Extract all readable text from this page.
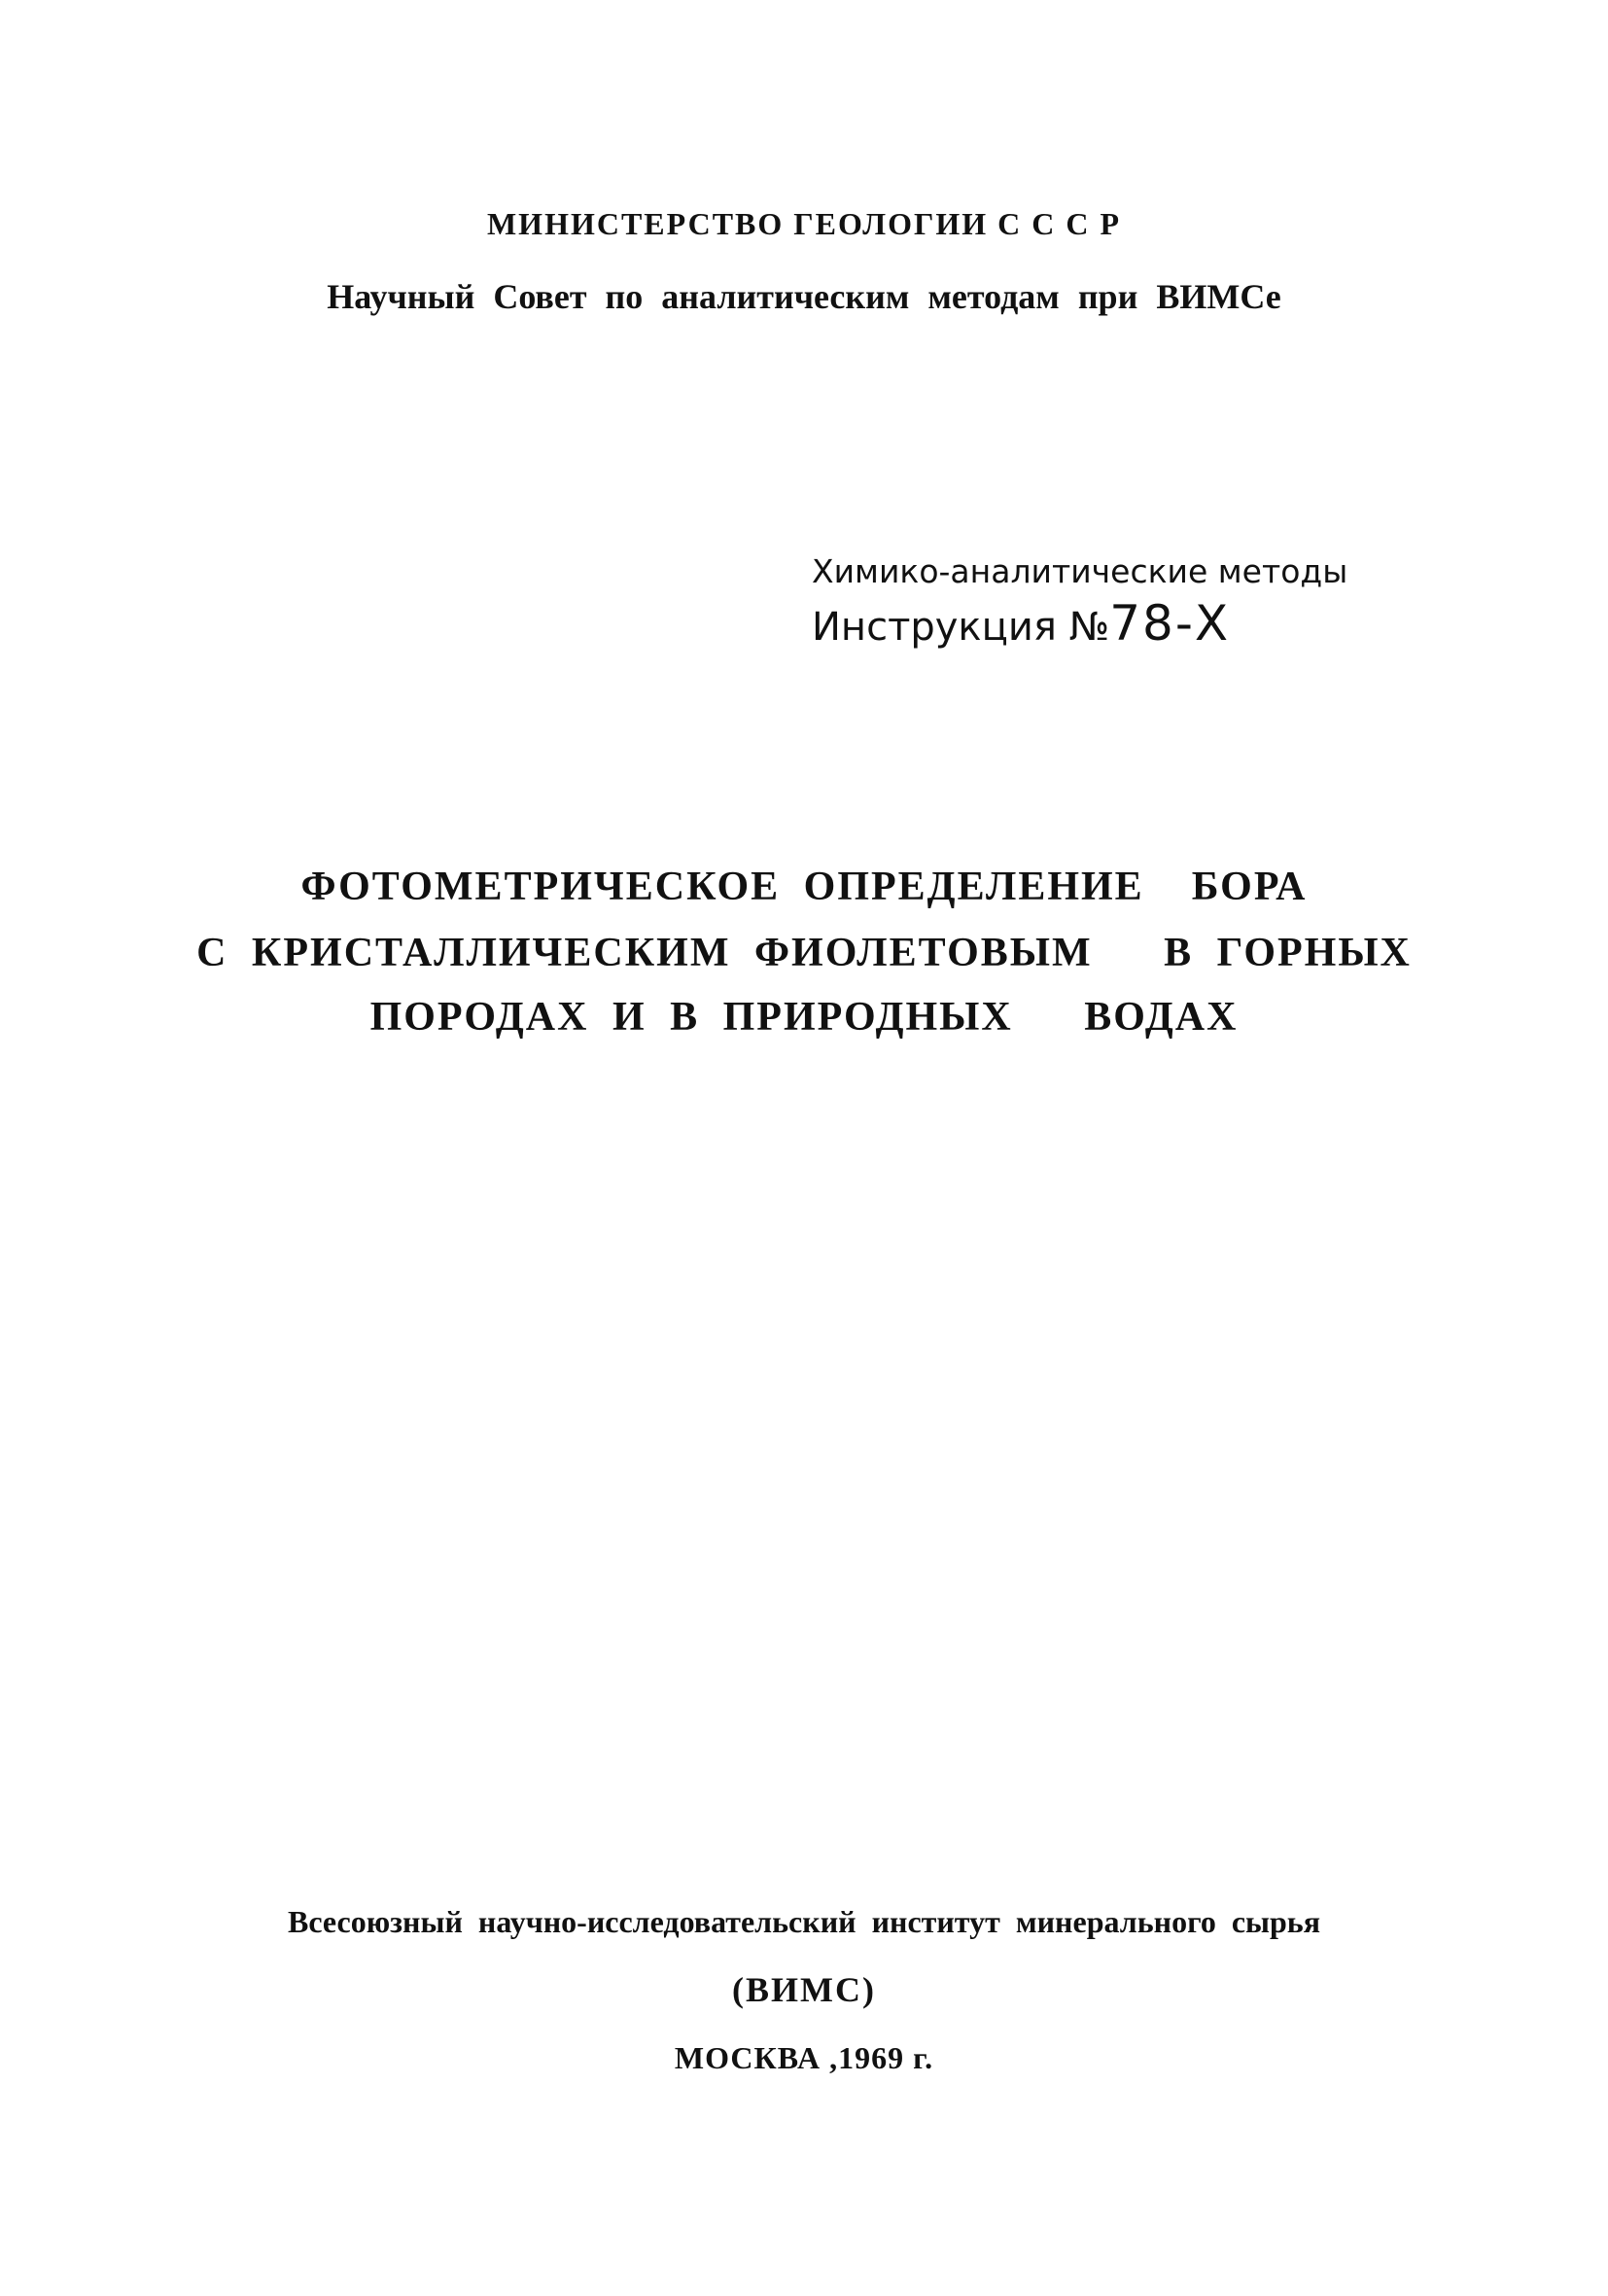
МИНИСТЕРСТВО ГЕОЛОГИИ С С С Р
Научный Совет по аналитическим методам при ВИМСе
Химико-аналитические методы
Инструкция №78-Х
ФОТОМЕТРИЧЕСКОЕ ОПРЕДЕЛЕНИЕ  БОРА
С КРИСТАЛЛИЧЕСКИМ ФИОЛЕТОВЫМ   В ГОРНЫХ
ПОРОДАХ И В ПРИРОДНЫХ   ВОДАХ
Всесоюзный научно-исследовательский институт минерального сырья
(ВИМС)
МОСКВА ,1969 г.
